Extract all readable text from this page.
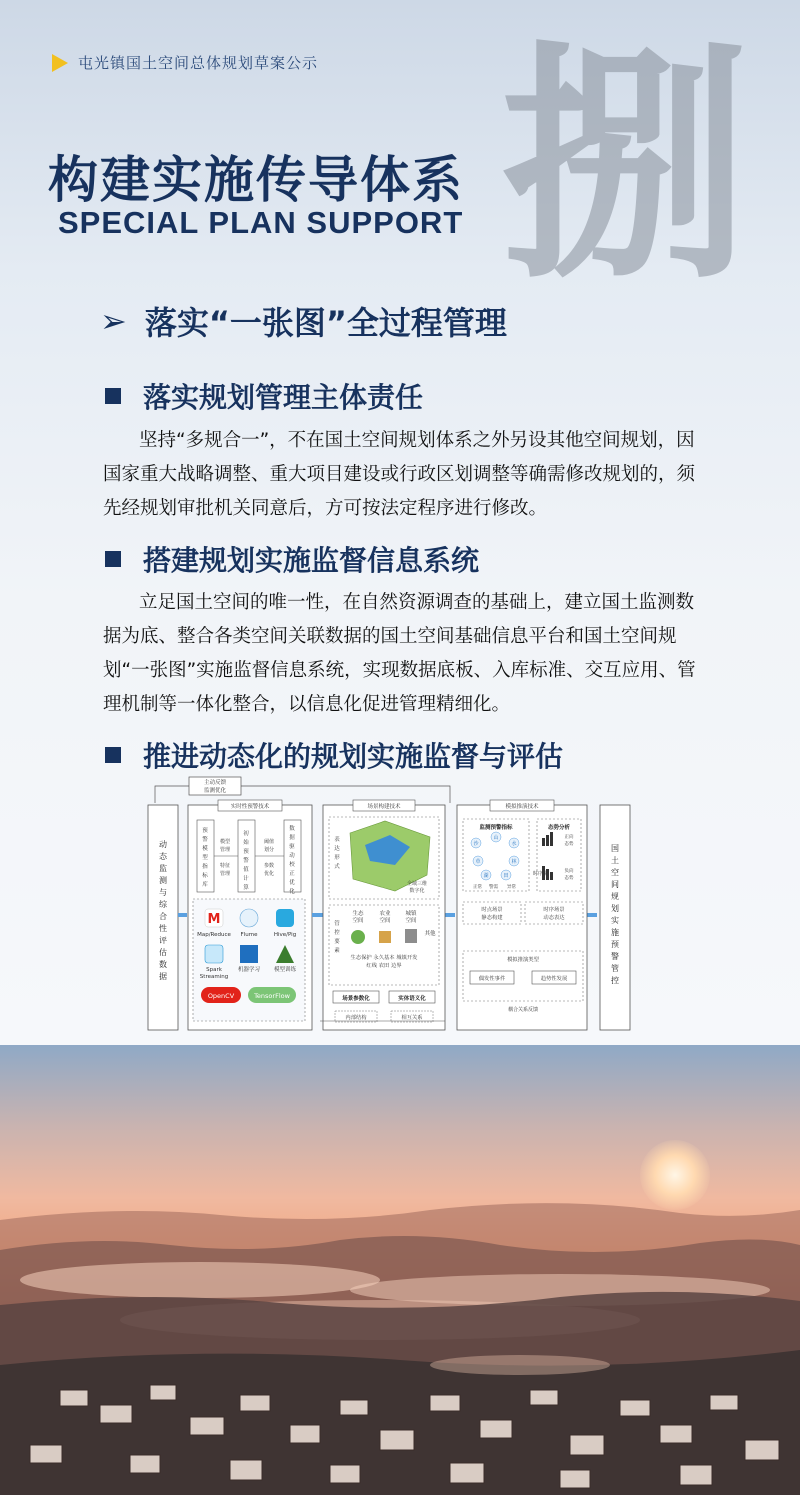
屯光镇国土空间总体规划草案公示 捌
构建实施传导体系
SPECIAL PLAN SUPPORT
➢ 落实“一张图”全过程管理
落实规划管理主体责任
坚持“多规合一”，不在国土空间规划体系之外另设其他空间规划，因国家重大战略调整、重大项目建设或行政区划调整等确需修改规划的，须先经规划审批机关同意后，方可按法定程序进行修改。
搭建规划实施监督信息系统
立足国土空间的唯一性，在自然资源调查的基础上，建立国土监测数据为底、整合各类空间关联数据的国土空间基础信息平台和国土空间规划“一张图”实施监督信息系统，实现数据底板、入库标准、交互应用、管理机制等一体化整合，以信息化促进管理精细化。
推进动态化的规划实施监督与评估
主动反馈
监测优化
动态监测与综合性评估数据
实时性预警技术
预警模型指标库
模型管理特征管理
初始预警值计算
阈值划分参数优化
数据驱动校正优化
M
Map/Reduce Flume	Hive/Pig
Spark
Streaming
机器学习	模型训练
OpenCV	TensorFlow
场景构建技术
表达形式
全域三维
数字化
管控要素
生态空间农业空间城镇空间
其他
生态保护 永久基本 城镇开发
红线 农田 边界
场景参数化	实体语义化
内部结构	相互关系
模拟推演技术
监测预警指标
沙
山
水
草	林
湖	田
正常 警需 异常
态势分析
正向
态势
负向
态势
时序化
时点场景
静态构建
时序场景
动态表达
模拟推演类型
偶发性事件	趋势性发展
耦合关系反馈
国土空间规划实施预警管控
